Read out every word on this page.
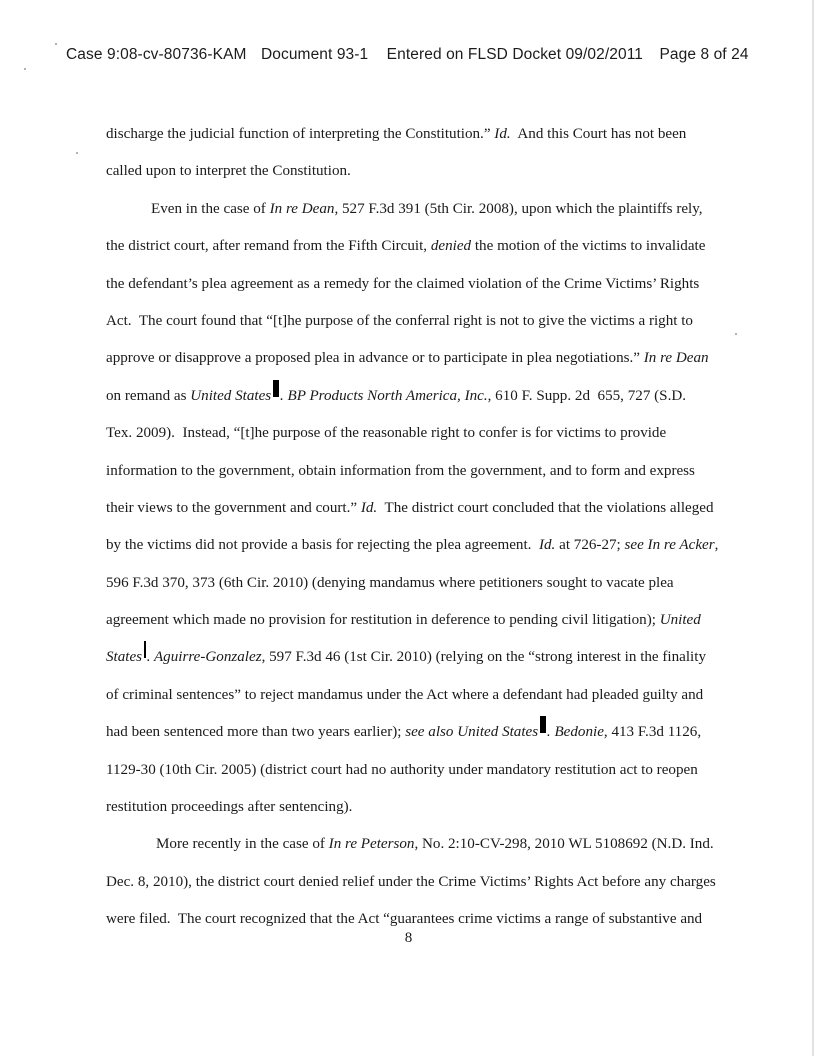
Case 9:08-cv-80736-KAM Document 93-1 Entered on FLSD Docket 09/02/2011 Page 8 of 24
discharge the judicial function of interpreting the Constitution.” Id. And this Court has not been
called upon to interpret the Constitution.
Even in the case of In re Dean , 527 F.3d 391 (5th Cir. 2008), upon which the plaintiffs rely,
the district court, after remand from the Fifth Circuit, denied the motion of the victims to invalidate
the defendant’s plea agreement as a remedy for the claimed violation of the Crime Victims’ Rights
Act.  The court found that “[t]he purpose of the conferral right is not to give the victims a right to
approve or disapprove a proposed plea in advance or to participate in plea negotiations.” In re Dean
on remand as United States
. BP Products North America, Inc. , 610 F. Supp. 2d  655, 727 (S.D.
Tex. 2009).  Instead, “[t]he purpose of the reasonable right to confer is for victims to provide
information to the government, obtain information from the government, and to form and express
their views to the government and court.” Id. The district court concluded that the violations alleged
by the victims did not provide a basis for rejecting the plea agreement. Id. at 726-27; see In re Acker ,
596 F.3d 370, 373 (6th Cir. 2010) (denying mandamus where petitioners sought to vacate plea
agreement which made no provision for restitution in deference to pending civil litigation); United
States
. Aguirre-Gonzalez , 597 F.3d 46 (1st Cir. 2010) (relying on the “strong interest in the finality
of criminal sentences” to reject mandamus under the Act where a defendant had pleaded guilty and
had been sentenced more than two years earlier); see also United States
. Bedonie , 413 F.3d 1126,
1129-30 (10th Cir. 2005) (district court had no authority under mandatory restitution act to reopen
restitution proceedings after sentencing).
More recently in the case of In re Peterson , No. 2:10-CV-298, 2010 WL 5108692 (N.D. Ind.
Dec. 8, 2010), the district court denied relief under the Crime Victims’ Rights Act before any charges
were filed.  The court recognized that the Act “guarantees crime victims a range of substantive and
8
